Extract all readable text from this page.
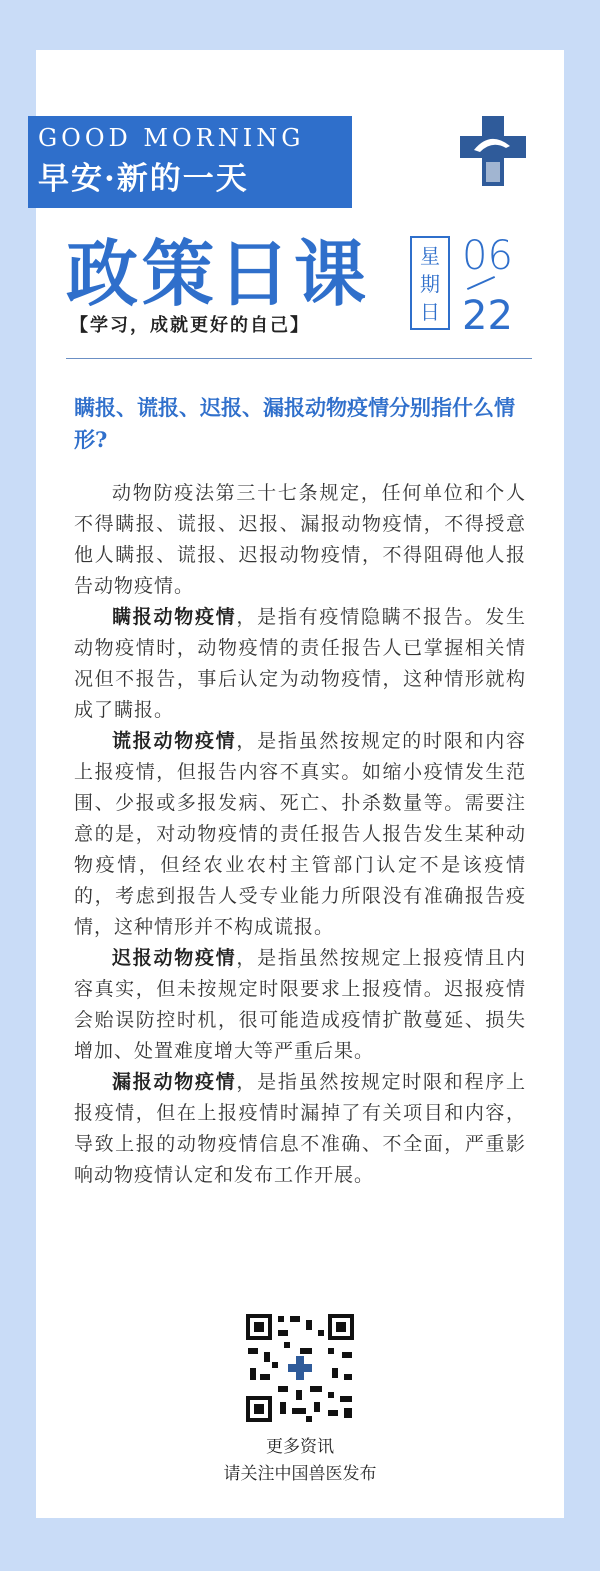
GOOD MORNING
早安·新的一天
政策日课
【学习，成就更好的自己】
星
期
日
06
22
瞒报、谎报、迟报、漏报动物疫情分别指什么情形?

动物防疫法第三十七条规定，任何单位和个人不得瞒报、谎报、迟报、漏报动物疫情，不得授意他人瞒报、谎报、迟报动物疫情，不得阻碍他人报告动物疫情。

瞒报动物疫情，是指有疫情隐瞒不报告。发生动物疫情时，动物疫情的责任报告人已掌握相关情况但不报告，事后认定为动物疫情，这种情形就构成了瞒报。

谎报动物疫情，是指虽然按规定的时限和内容上报疫情，但报告内容不真实。如缩小疫情发生范围、少报或多报发病、死亡、扑杀数量等。需要注意的是，对动物疫情的责任报告人报告发生某种动物疫情，但经农业农村主管部门认定不是该疫情的，考虑到报告人受专业能力所限没有准确报告疫情，这种情形并不构成谎报。

迟报动物疫情，是指虽然按规定上报疫情且内容真实，但未按规定时限要求上报疫情。迟报疫情会贻误防控时机，很可能造成疫情扩散蔓延、损失增加、处置难度增大等严重后果。

漏报动物疫情，是指虽然按规定时限和程序上报疫情，但在上报疫情时漏掉了有关项目和内容，导致上报的动物疫情信息不准确、不全面，严重影响动物疫情认定和发布工作开展。

更多资讯
请关注中国兽医发布
